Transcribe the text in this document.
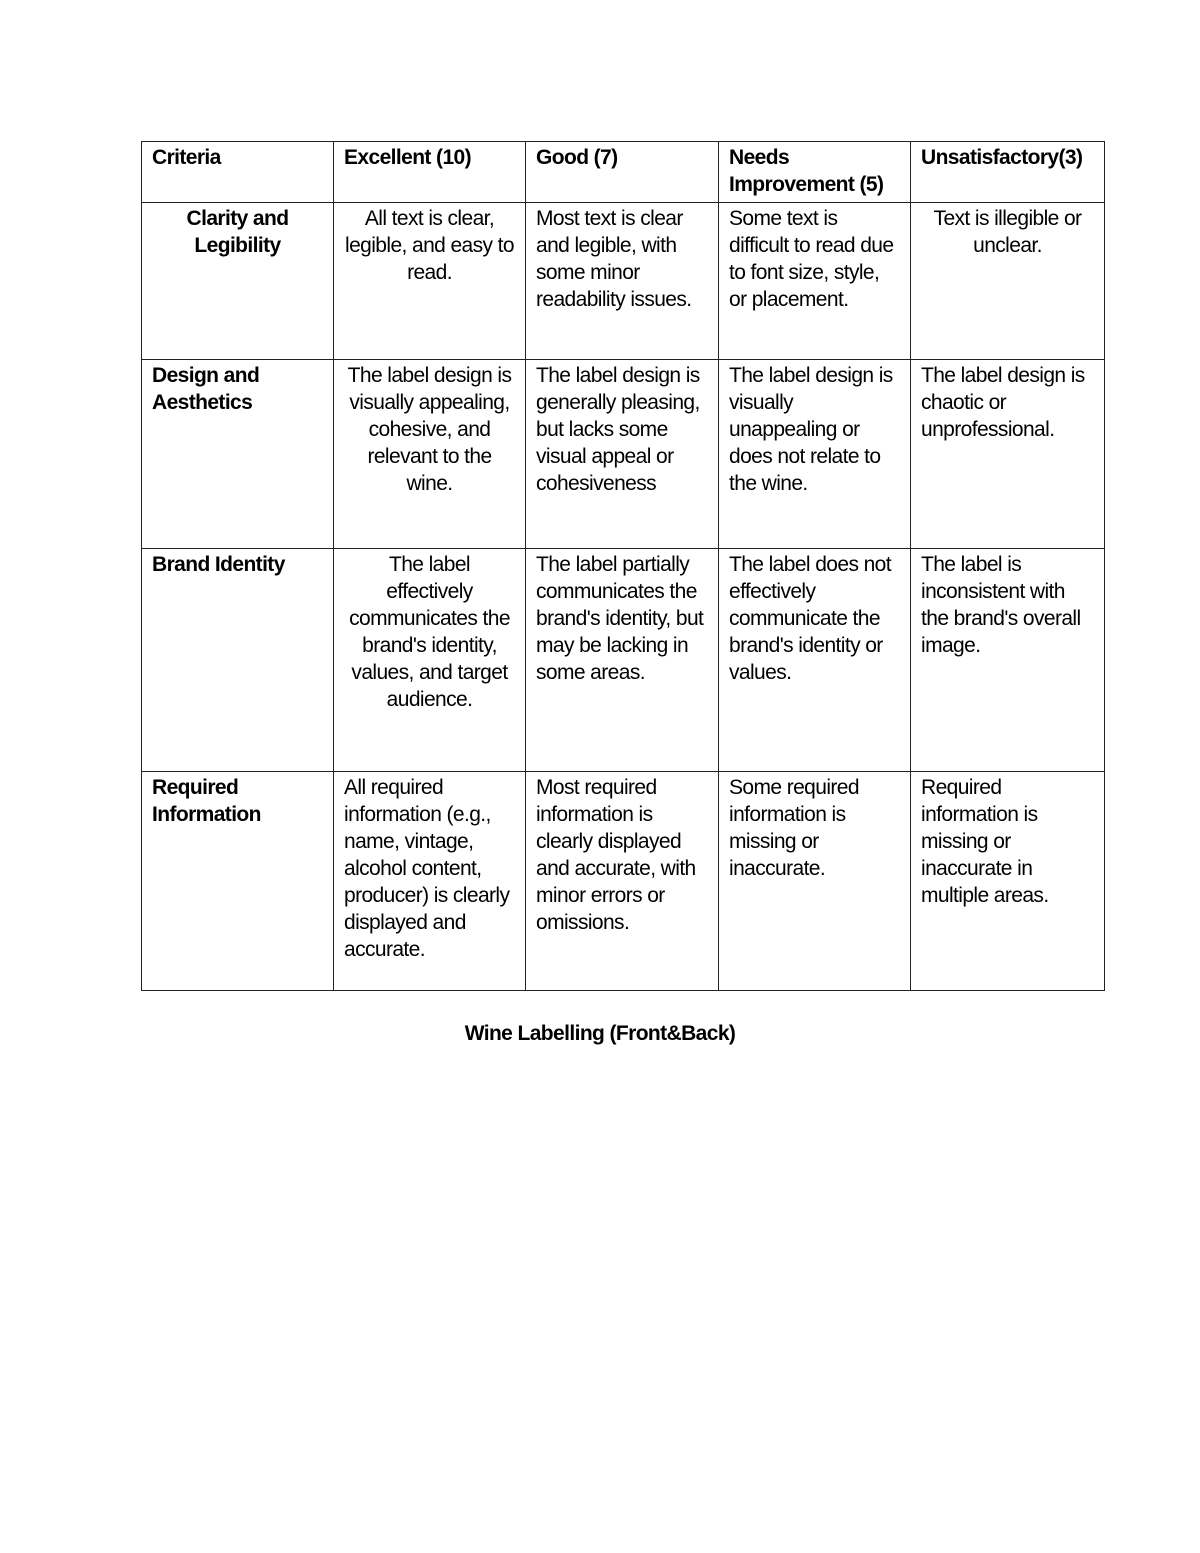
Criteria	Excellent (10)	Good (7)	Needs Improvement (5)	Unsatisfactory(3)
Clarity and Legibility	All text is clear, legible, and easy to read.	Most text is clear and legible, with some minor readability issues.	Some text is difficult to read due to font size, style, or placement.	Text is illegible or unclear.
Design and Aesthetics	The label design is visually appealing, cohesive, and relevant to the wine.	The label design is generally pleasing, but lacks some visual appeal or cohesiveness	The label design is visually unappealing or does not relate to the wine.	The label design is chaotic or unprofessional.
Brand Identity	The label effectively communicates the brand's identity, values, and target audience.	The label partially communicates the brand's identity, but may be lacking in some areas.	The label does not effectively communicate the brand's identity or values.	The label is inconsistent with the brand's overall image.
Required Information	All required information (e.g., name, vintage, alcohol content, producer) is clearly displayed and accurate.	Most required information is clearly displayed and accurate, with minor errors or omissions.	Some required information is missing or inaccurate.	Required information is missing or inaccurate in multiple areas.
Wine Labelling (Front&Back)
